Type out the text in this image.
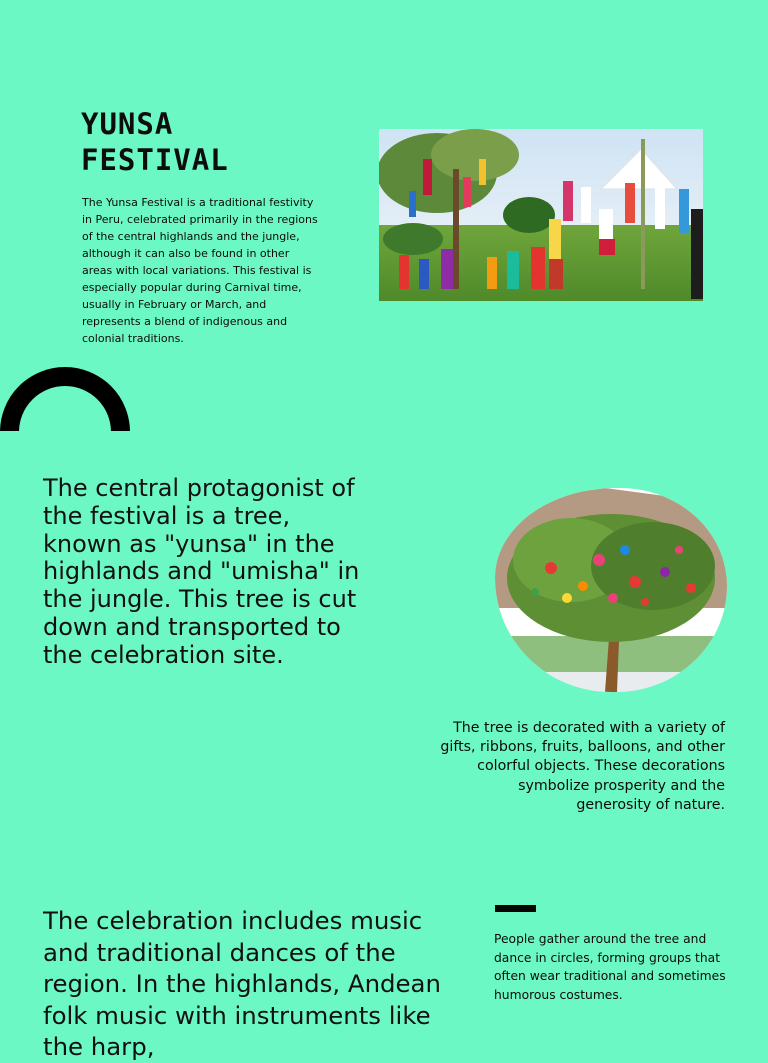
YUNSA
FESTIVAL

The Yunsa Festival is a traditional festivity in Peru, celebrated primarily in the regions of the central highlands and the jungle, although it can also be found in other areas with local variations. This festival is especially popular during Carnival time, usually in February or March, and represents a blend of indigenous and colonial traditions.

The central protagonist of the festival is a tree, known as "yunsa" in the highlands and "umisha" in the jungle. This tree is cut down and transported to the celebration site.

The tree is decorated with a variety of gifts, ribbons, fruits, balloons, and other colorful objects. These decorations symbolize prosperity and the generosity of nature.

The celebration includes music and traditional dances of the region. In the highlands, Andean folk music with instruments like the harp,

People gather around the tree and dance in circles, forming groups that often wear traditional and sometimes humorous costumes.
